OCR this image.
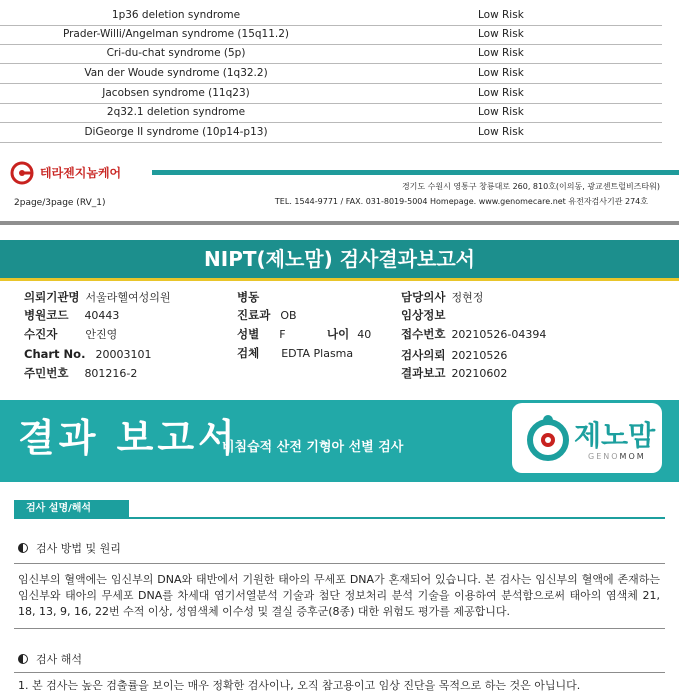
1p36 deletion syndrome	Low Risk
Prader-Willi/Angelman syndrome (15q11.2)	Low Risk
Cri-du-chat syndrome (5p)	Low Risk
Van der Woude syndrome (1q32.2)	Low Risk
Jacobsen syndrome (11q23)	Low Risk
2q32.1 deletion syndrome	Low Risk
DiGeorge II syndrome (10p14-p13)	Low Risk
테라젠지놈케어
경기도 수원시 영통구 창룡대로 260, 810호(이의동, 광교센트럴비즈타워)
TEL. 1544-9771 / FAX. 031-8019-5004 Homepage. www.genomecare.net 유전자검사기관 274호
2page/3page (RV_1)
NIPT(제노맘) 검사결과보고서
의뢰기관명 서울라헬여성의원	병동	담당의사 정현정
병원코드 40443	진료과 OB	임상정보
수진자	안진영	성별 F	나이 40	접수번호 20210526-04394
Chart No. 20003101	검체 EDTA Plasma	검사의뢰 20210526
주민번호 801216-2	결과보고 20210602
결과 보고서
비침습적 산전 기형아 선별 검사	제노맘
GENOMOM
검사 설명/해석
검사 방법 및 원리
임신부의 혈액에는 임신부의 DNA와 태반에서 기원한 태아의 무세포 DNA가 혼재되어 있습니다. 본 검사는 임신부의 혈액에 존재하는 임신부와 태아의 무세포 DNA를 차세대 염기서열분석 기술과 첨단 정보처리 분석 기술을 이용하여 분석함으로써 태아의 염색체 21, 18, 13, 9, 16, 22번 수적 이상, 성염색체 이수성 및 결실 증후군(8종) 대한 위험도 평가를 제공합니다.
검사 해석
1. 본 검사는 높은 검출률을 보이는 매우 정확한 검사이나, 오직 참고용이고 임상 진단을 목적으로 하는 것은 아닙니다.
